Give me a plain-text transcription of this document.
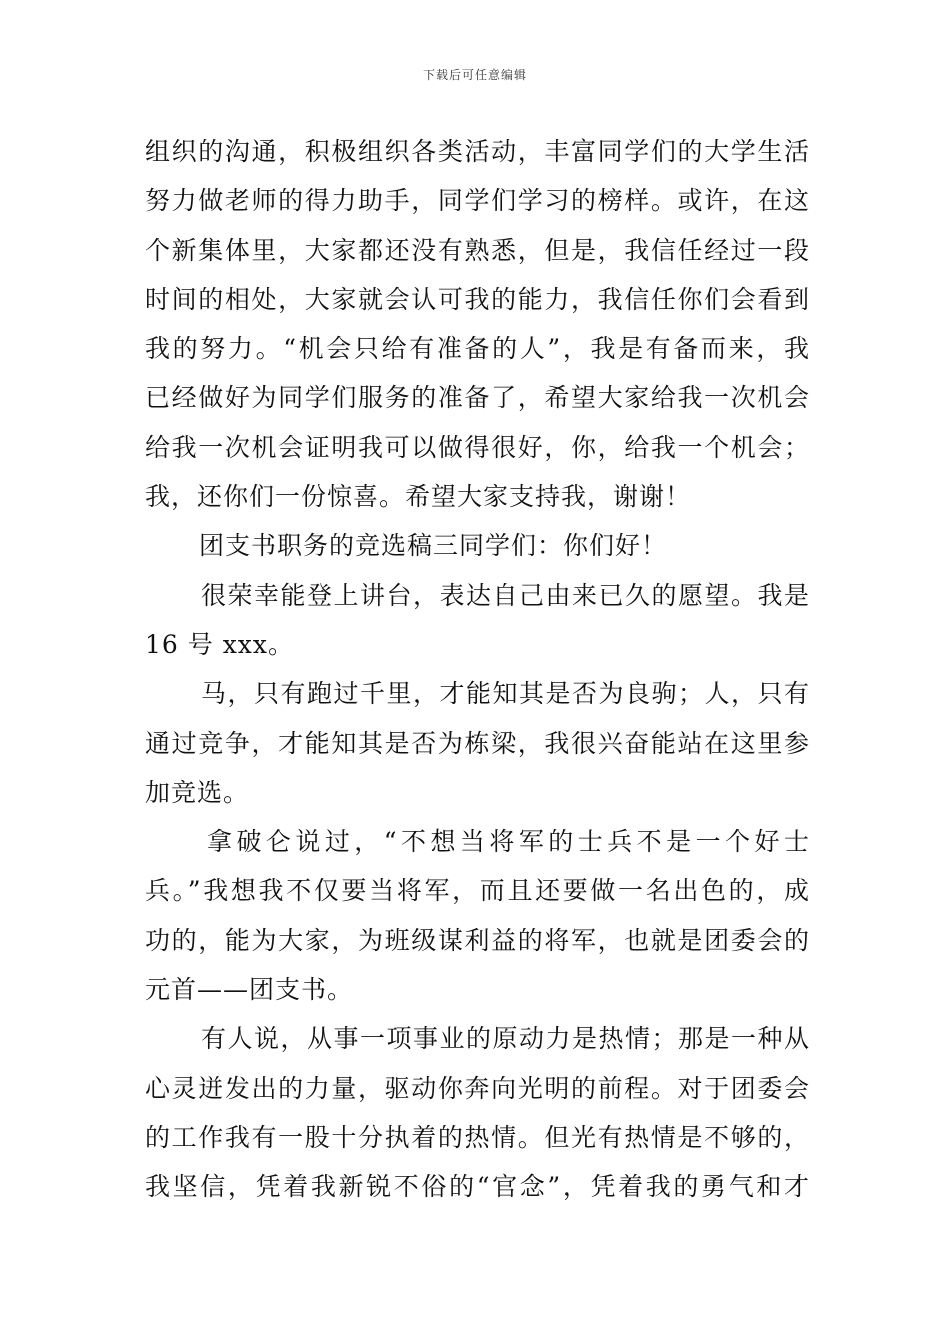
下载后可任意编辑
组织的沟通，积极组织各类活动，丰富同学们的大学生活
努力做老师的得力助手，同学们学习的榜样。或许，在这
个新集体里，大家都还没有熟悉，但是，我信任经过一段
时间的相处，大家就会认可我的能力，我信任你们会看到
我的努力。“机会只给有准备的人”，我是有备而来，我
已经做好为同学们服务的准备了，希望大家给我一次机会
给我一次机会证明我可以做得很好，你，给我一个机会；
我，还你们一份惊喜。希望大家支持我，谢谢！
团支书职务的竞选稿三同学们：你们好！
很荣幸能登上讲台，表达自己由来已久的愿望。我是
16 号 xxx。
马，只有跑过千里，才能知其是否为良驹；人，只有
通过竞争，才能知其是否为栋梁，我很兴奋能站在这里参
加竞选。
拿破仑说过，“不想当将军的士兵不是一个好士
兵。”我想我不仅要当将军，而且还要做一名出色的，成
功的，能为大家，为班级谋利益的将军，也就是团委会的
元首——团支书。
有人说，从事一项事业的原动力是热情；那是一种从
心灵迸发出的力量，驱动你奔向光明的前程。对于团委会
的工作我有一股十分执着的热情。但光有热情是不够的，
我坚信，凭着我新锐不俗的“官念”，凭着我的勇气和才
